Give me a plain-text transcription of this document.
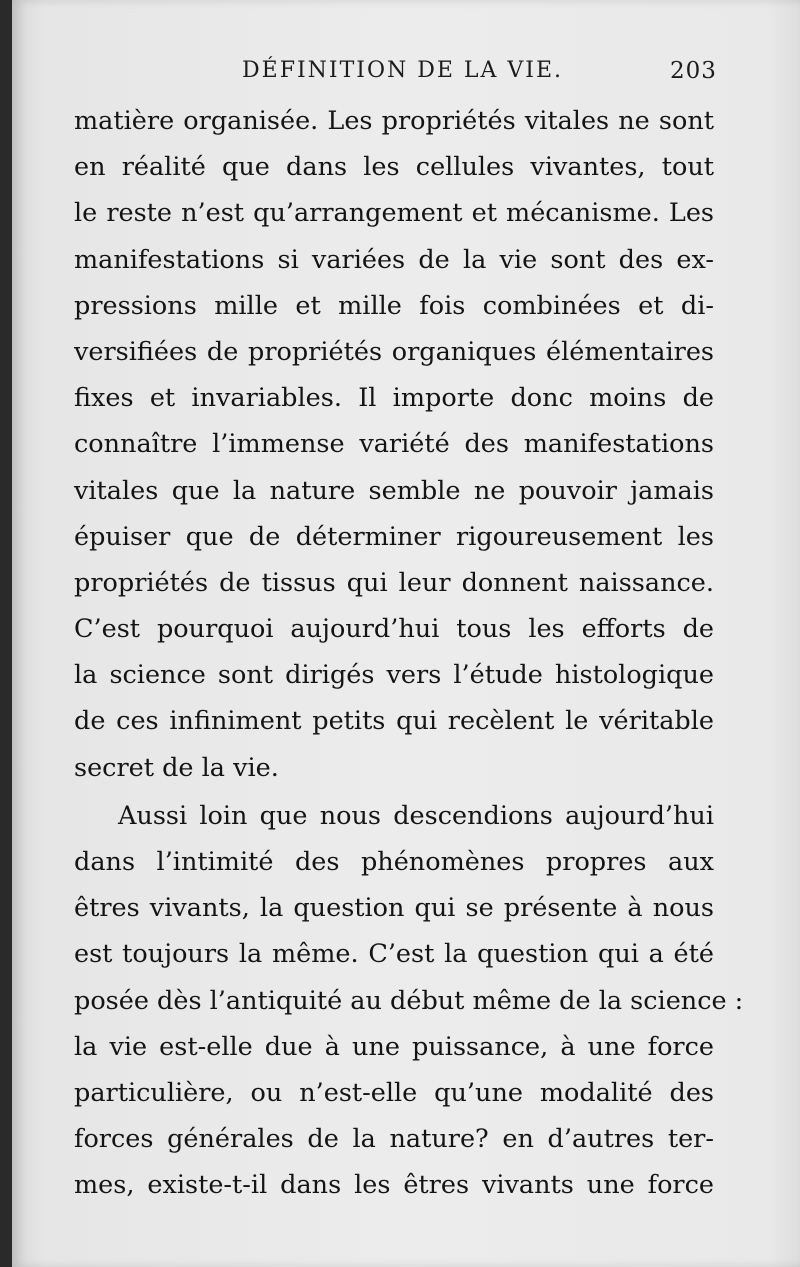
DÉFINITION DE LA VIE.	203
matière organisée. Les propriétés vitales ne sont
en réalité que dans les cellules vivantes, tout
le reste n’est qu’arrangement et mécanisme. Les
manifestations si variées de la vie sont des ex-
pressions mille et mille fois combinées et di-
versifiées de propriétés organiques élémentaires
fixes et invariables. Il importe donc moins de
connaître l’immense variété des manifestations
vitales que la nature semble ne pouvoir jamais
épuiser que de déterminer rigoureusement les
propriétés de tissus qui leur donnent naissance.
C’est pourquoi aujourd’hui tous les efforts de
la science sont dirigés vers l’étude histologique
de ces infiniment petits qui recèlent le véritable
secret de la vie.
Aussi loin que nous descendions aujourd’hui
dans l’intimité des phénomènes propres aux
êtres vivants, la question qui se présente à nous
est toujours la même. C’est la question qui a été
posée dès l’antiquité au début même de la science :
la vie est-elle due à une puissance, à une force
particulière, ou n’est-elle qu’une modalité des
forces générales de la nature? en d’autres ter-
mes, existe-t-il dans les êtres vivants une force
